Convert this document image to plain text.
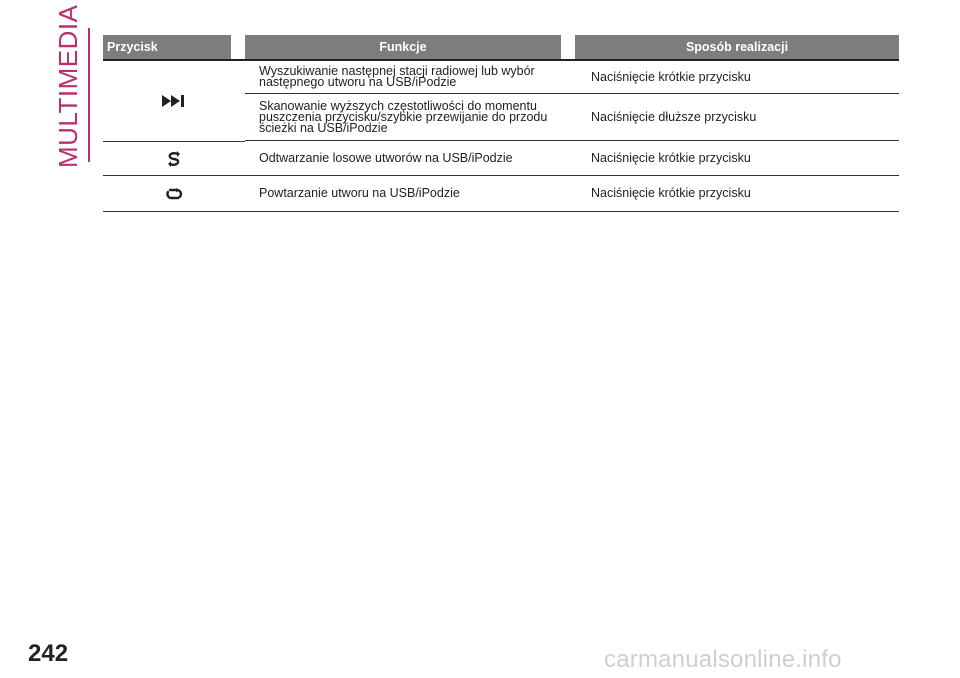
MULTIMEDIA Przycisk	Funkcje	Sposób realizacji
	Wyszukiwanie następnej stacji radiowej lub wybór następnego utworu na USB/iPodzie	Naciśnięcie krótkie przycisku
	Skanowanie wyższych częstotliwości do momentu puszczenia przycisku/szybkie przewijanie do przodu ścieżki na USB/iPodzie	Naciśnięcie dłuższe przycisku
	Odtwarzanie losowe utworów na USB/iPodzie	Naciśnięcie krótkie przycisku
	Powtarzanie utworu na USB/iPodzie	Naciśnięcie krótkie przycisku
242	carmanualsonline.info
